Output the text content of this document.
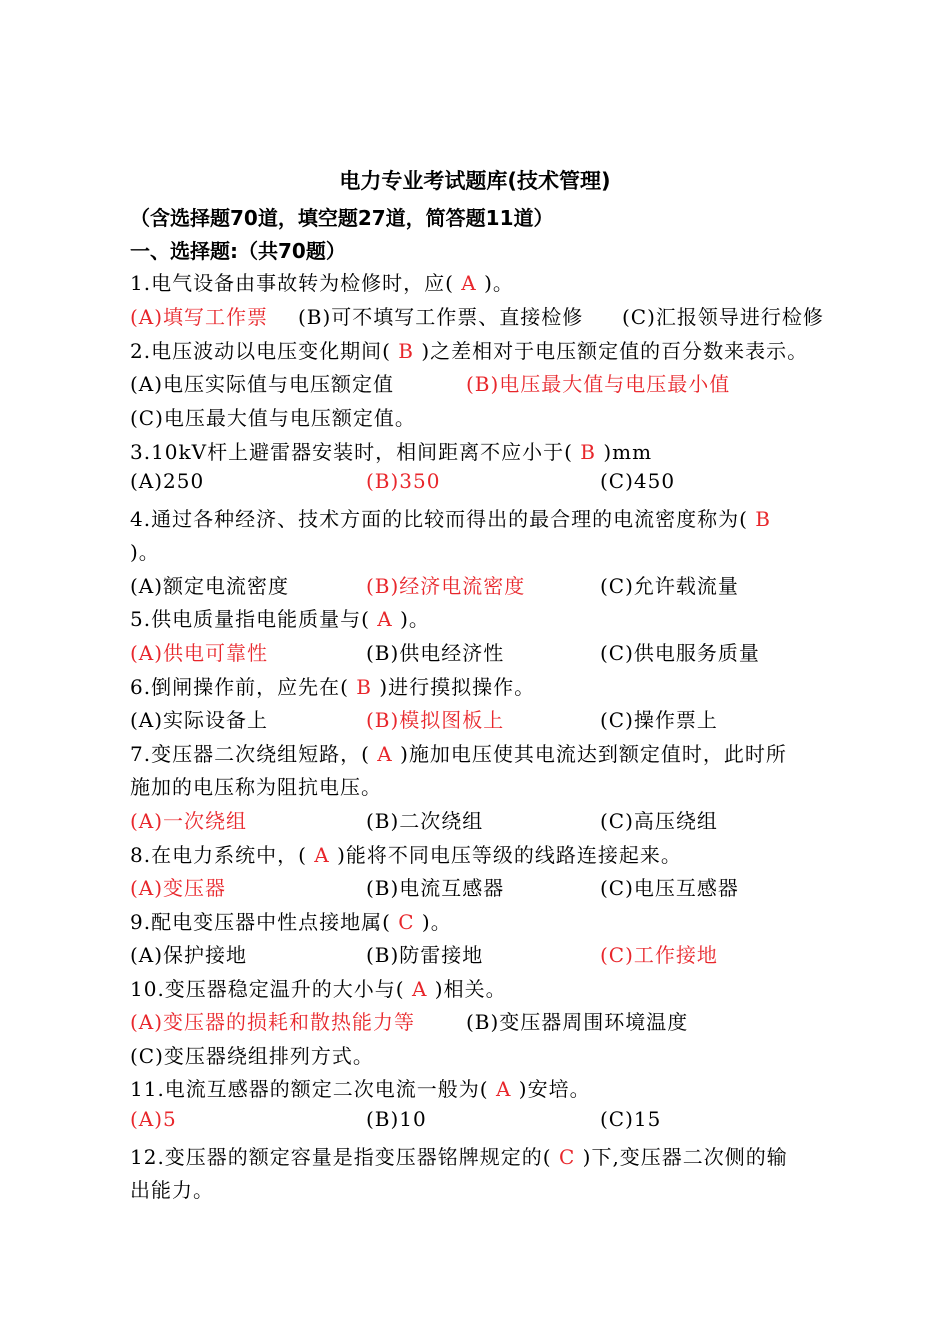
电力专业考试题库(技术管理)
（含选择题70道，填空题27道，简答题11道）
一、选择题:（共70题）
1.电气设备由事故转为检修时，应( A )。
(A)填写工作票 (B)可不填写工作票、直接检修 (C)汇报领导进行检修
2.电压波动以电压变化期间( B )之差相对于电压额定值的百分数来表示。
(A)电压实际值与电压额定值	(B)电压最大值与电压最小值
(C)电压最大值与电压额定值。
3.10kV杆上避雷器安装时，相间距离不应小于( B )mm
(A)250	(B)350	(C)450
4.通过各种经济、技术方面的比较而得出的最合理的电流密度称为( B
)。
(A)额定电流密度	(B)经济电流密度	(C)允许载流量
5.供电质量指电能质量与( A )。
(A)供电可靠性	(B)供电经济性	(C)供电服务质量
6.倒闸操作前，应先在( B )进行摸拟操作。
(A)实际设备上	(B)模拟图板上	(C)操作票上
7.变压器二次绕组短路，( A )施加电压使其电流达到额定值时，此时所
施加的电压称为阻抗电压。
(A)一次绕组	(B)二次绕组	(C)高压绕组
8.在电力系统中，( A )能将不同电压等级的线路连接起来。
(A)变压器	(B)电流互感器	(C)电压互感器
9.配电变压器中性点接地属( C )。
(A)保护接地	(B)防雷接地	(C)工作接地
10.变压器稳定温升的大小与( A )相关。
(A)变压器的损耗和散热能力等	(B)变压器周围环境温度
(C)变压器绕组排列方式。
11.电流互感器的额定二次电流一般为( A )安培。
(A)5	(B)10	(C)15
12.变压器的额定容量是指变压器铭牌规定的( C )下,变压器二次侧的输
出能力。
